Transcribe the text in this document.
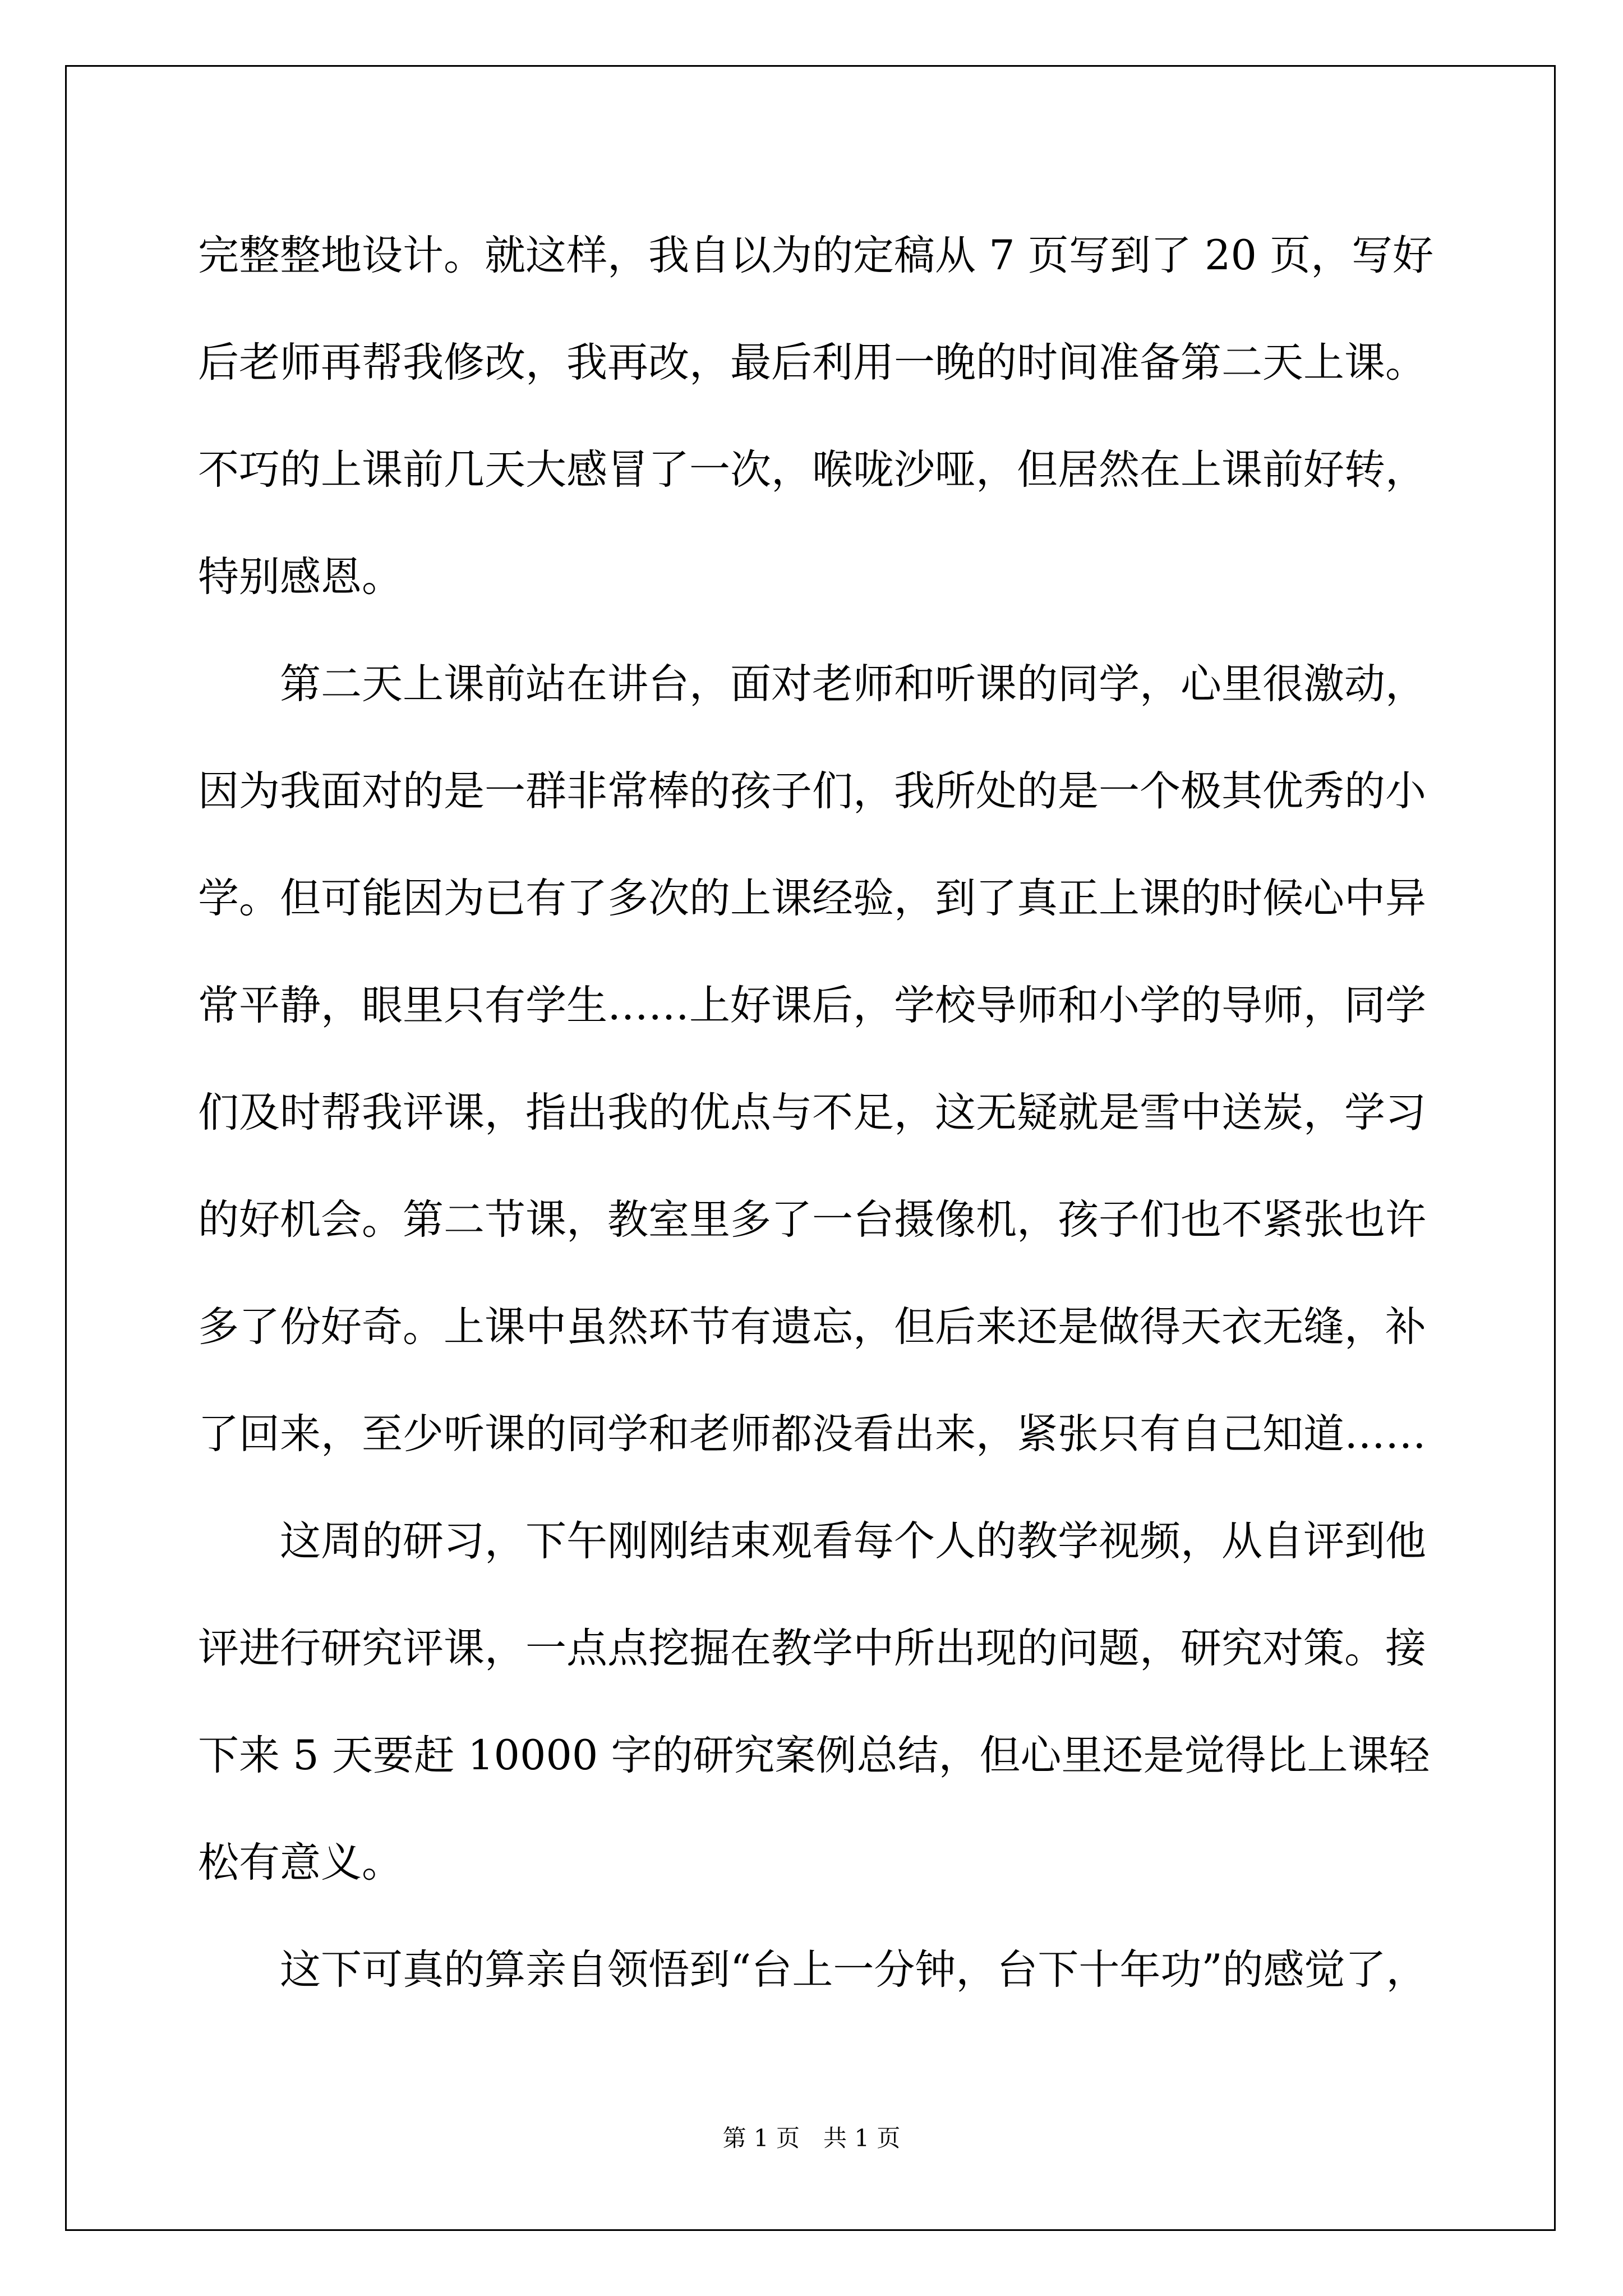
完整整地设计。就这样，我自以为的定稿从 7 页写到了 20 页，写好后老师再帮我修改，我再改，最后利用一晚的时间准备第二天上课。不巧的上课前几天大感冒了一次，喉咙沙哑，但居然在上课前好转，特别感恩。

第二天上课前站在讲台，面对老师和听课的同学，心里很激动，因为我面对的是一群非常棒的孩子们，我所处的是一个极其优秀的小学。但可能因为已有了多次的上课经验，到了真正上课的时候心中异常平静，眼里只有学生……上好课后，学校导师和小学的导师，同学们及时帮我评课，指出我的优点与不足，这无疑就是雪中送炭，学习的好机会。第二节课，教室里多了一台摄像机，孩子们也不紧张也许多了份好奇。上课中虽然环节有遗忘，但后来还是做得天衣无缝，补了回来，至少听课的同学和老师都没看出来，紧张只有自己知道……

这周的研习，下午刚刚结束观看每个人的教学视频，从自评到他评进行研究评课，一点点挖掘在教学中所出现的问题，研究对策。接下来 5 天要赶 10000 字的研究案例总结，但心里还是觉得比上课轻松有意义。

这下可真的算亲自领悟到“台上一分钟，台下十年功”的感觉了，

第 1 页　共 1 页
